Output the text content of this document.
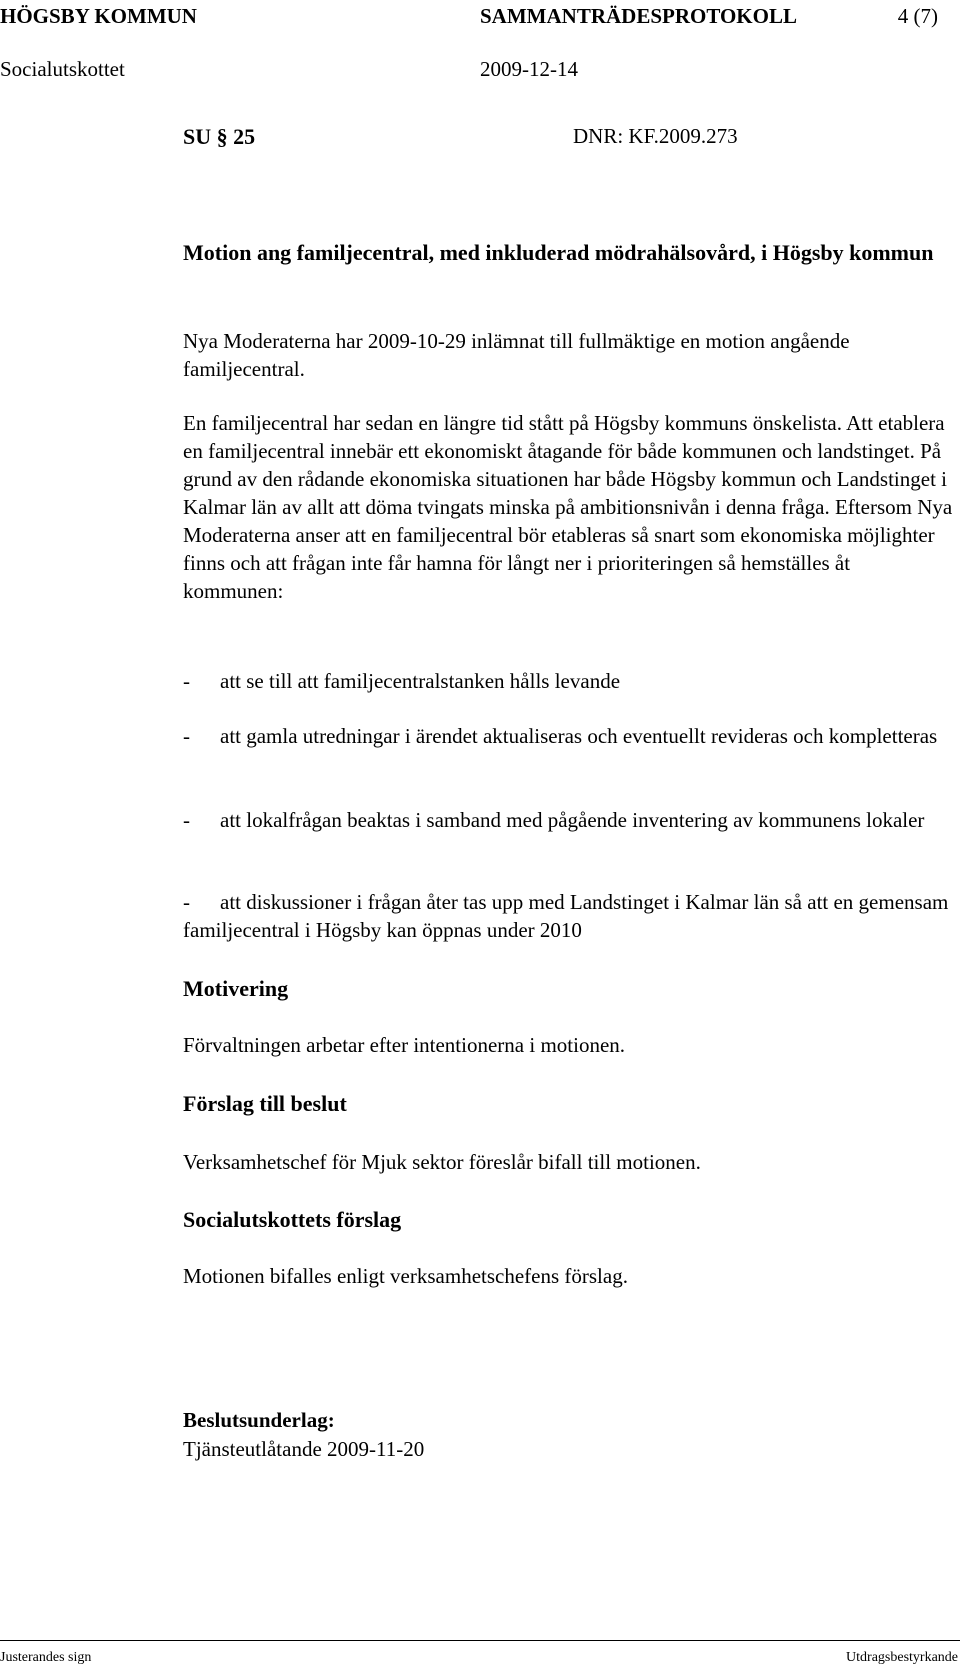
HÖGSBY KOMMUN	SAMMANTRÄDESPROTOKOLL	4 (7)
Socialutskottet	2009-12-14
SU § 25	DNR: KF.2009.273
Motion ang familjecentral, med inkluderad mödrahälsovård, i Högsby kommun
Nya Moderaterna har 2009-10-29 inlämnat till fullmäktige en motion angående familjecentral.
En familjecentral har sedan en längre tid stått på Högsby kommuns önskelista. Att etablera en familjecentral innebär ett ekonomiskt åtagande för både kommunen och landstinget. På grund av den rådande ekonomiska situationen har både Högsby kommun och Landstinget i Kalmar län av allt att döma tvingats minska på ambitionsnivån i denna fråga. Eftersom Nya Moderaterna anser att en familjecentral bör etableras så snart som ekonomiska möjlighter finns och att frågan inte får hamna för långt ner i prioriteringen så hemställes åt kommunen:
- att se till att familjecentralstanken hålls levande
- att gamla utredningar i ärendet aktualiseras och eventuellt revideras och kompletteras
- att lokalfrågan beaktas i samband med pågående inventering av kommunens lokaler
- att diskussioner i frågan åter tas upp med Landstinget i Kalmar län så att en gemensam familjecentral i Högsby kan öppnas under 2010
Motivering
Förvaltningen arbetar efter intentionerna i motionen.
Förslag till beslut
Verksamhetschef för Mjuk sektor föreslår bifall till motionen.
Socialutskottets förslag
Motionen bifalles enligt verksamhetschefens förslag.
Beslutsunderlag:
Tjänsteutlåtande 2009-11-20
Justerandes sign	Utdragsbestyrkande
